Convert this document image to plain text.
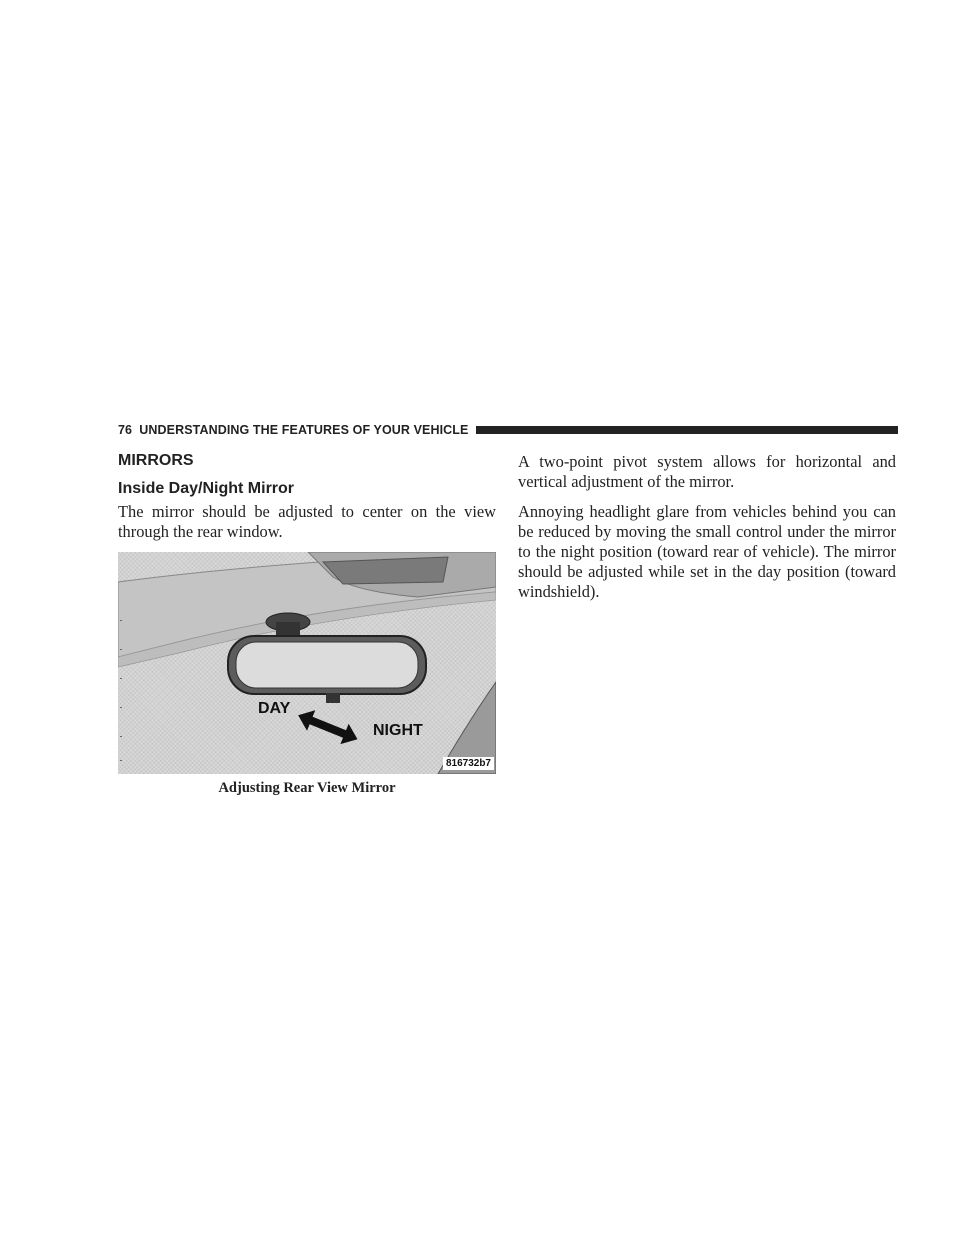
76 UNDERSTANDING THE FEATURES OF YOUR VEHICLE
MIRRORS
Inside Day/Night Mirror

The mirror should be adjusted to center on the view through the rear window.

DAY
NIGHT
816732b7
Adjusting Rear View Mirror

A two-point pivot system allows for horizontal and vertical adjustment of the mirror.

Annoying headlight glare from vehicles behind you can be reduced by moving the small control under the mirror to the night position (toward rear of vehicle). The mirror should be adjusted while set in the day position (toward windshield).
